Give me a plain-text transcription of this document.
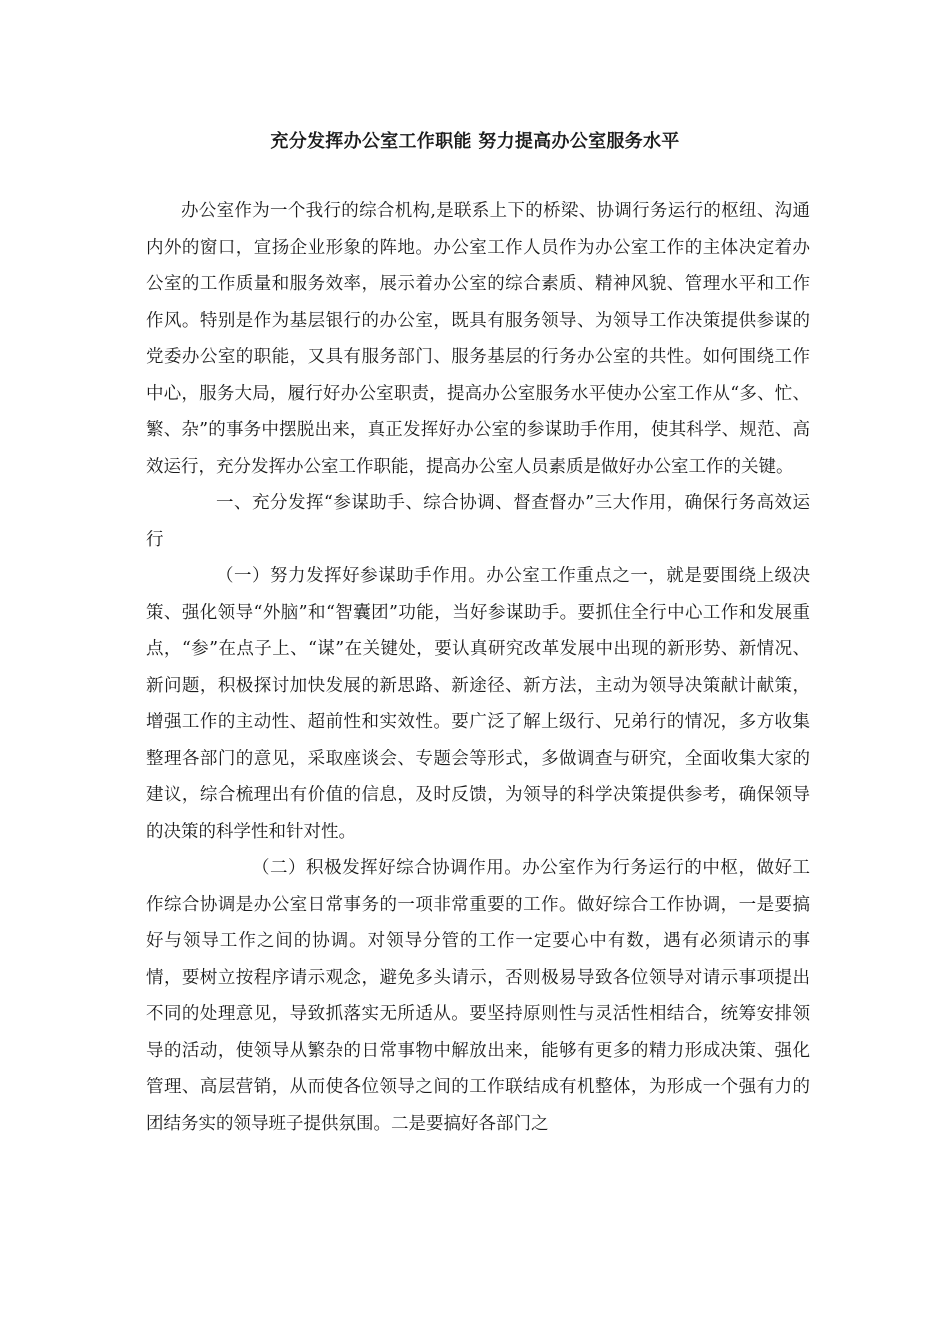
充分发挥办公室工作职能 努力提高办公室服务水平

办公室作为一个我行的综合机构,是联系上下的桥梁、协调行务运行的枢纽、沟通内外的窗口，宣扬企业形象的阵地。办公室工作人员作为办公室工作的主体决定着办公室的工作质量和服务效率，展示着办公室的综合素质、精神风貌、管理水平和工作作风。特别是作为基层银行的办公室，既具有服务领导、为领导工作决策提供参谋的党委办公室的职能，又具有服务部门、服务基层的行务办公室的共性。如何围绕工作中心，服务大局，履行好办公室职责，提高办公室服务水平使办公室工作从“多、忙、繁、杂”的事务中摆脱出来，真正发挥好办公室的参谋助手作用，使其科学、规范、高效运行，充分发挥办公室工作职能，提高办公室人员素质是做好办公室工作的关键。

一、充分发挥“参谋助手、综合协调、督查督办”三大作用，确保行务高效运行

（一）努力发挥好参谋助手作用。办公室工作重点之一，就是要围绕上级决策、强化领导“外脑”和“智囊团”功能，当好参谋助手。要抓住全行中心工作和发展重点，“参”在点子上、“谋”在关键处，要认真研究改革发展中出现的新形势、新情况、新问题，积极探讨加快发展的新思路、新途径、新方法，主动为领导决策献计献策，增强工作的主动性、超前性和实效性。要广泛了解上级行、兄弟行的情况，多方收集整理各部门的意见，采取座谈会、专题会等形式，多做调查与研究，全面收集大家的建议，综合梳理出有价值的信息，及时反馈，为领导的科学决策提供参考，确保领导的决策的科学性和针对性。

（二）积极发挥好综合协调作用。办公室作为行务运行的中枢，做好工作综合协调是办公室日常事务的一项非常重要的工作。做好综合工作协调，一是要搞好与领导工作之间的协调。对领导分管的工作一定要心中有数，遇有必须请示的事情，要树立按程序请示观念，避免多头请示，否则极易导致各位领导对请示事项提出不同的处理意见，导致抓落实无所适从。要坚持原则性与灵活性相结合，统筹安排领导的活动，使领导从繁杂的日常事物中解放出来，能够有更多的精力形成决策、强化管理、高层营销，从而使各位领导之间的工作联结成有机整体，为形成一个强有力的团结务实的领导班子提供氛围。二是要搞好各部门之
